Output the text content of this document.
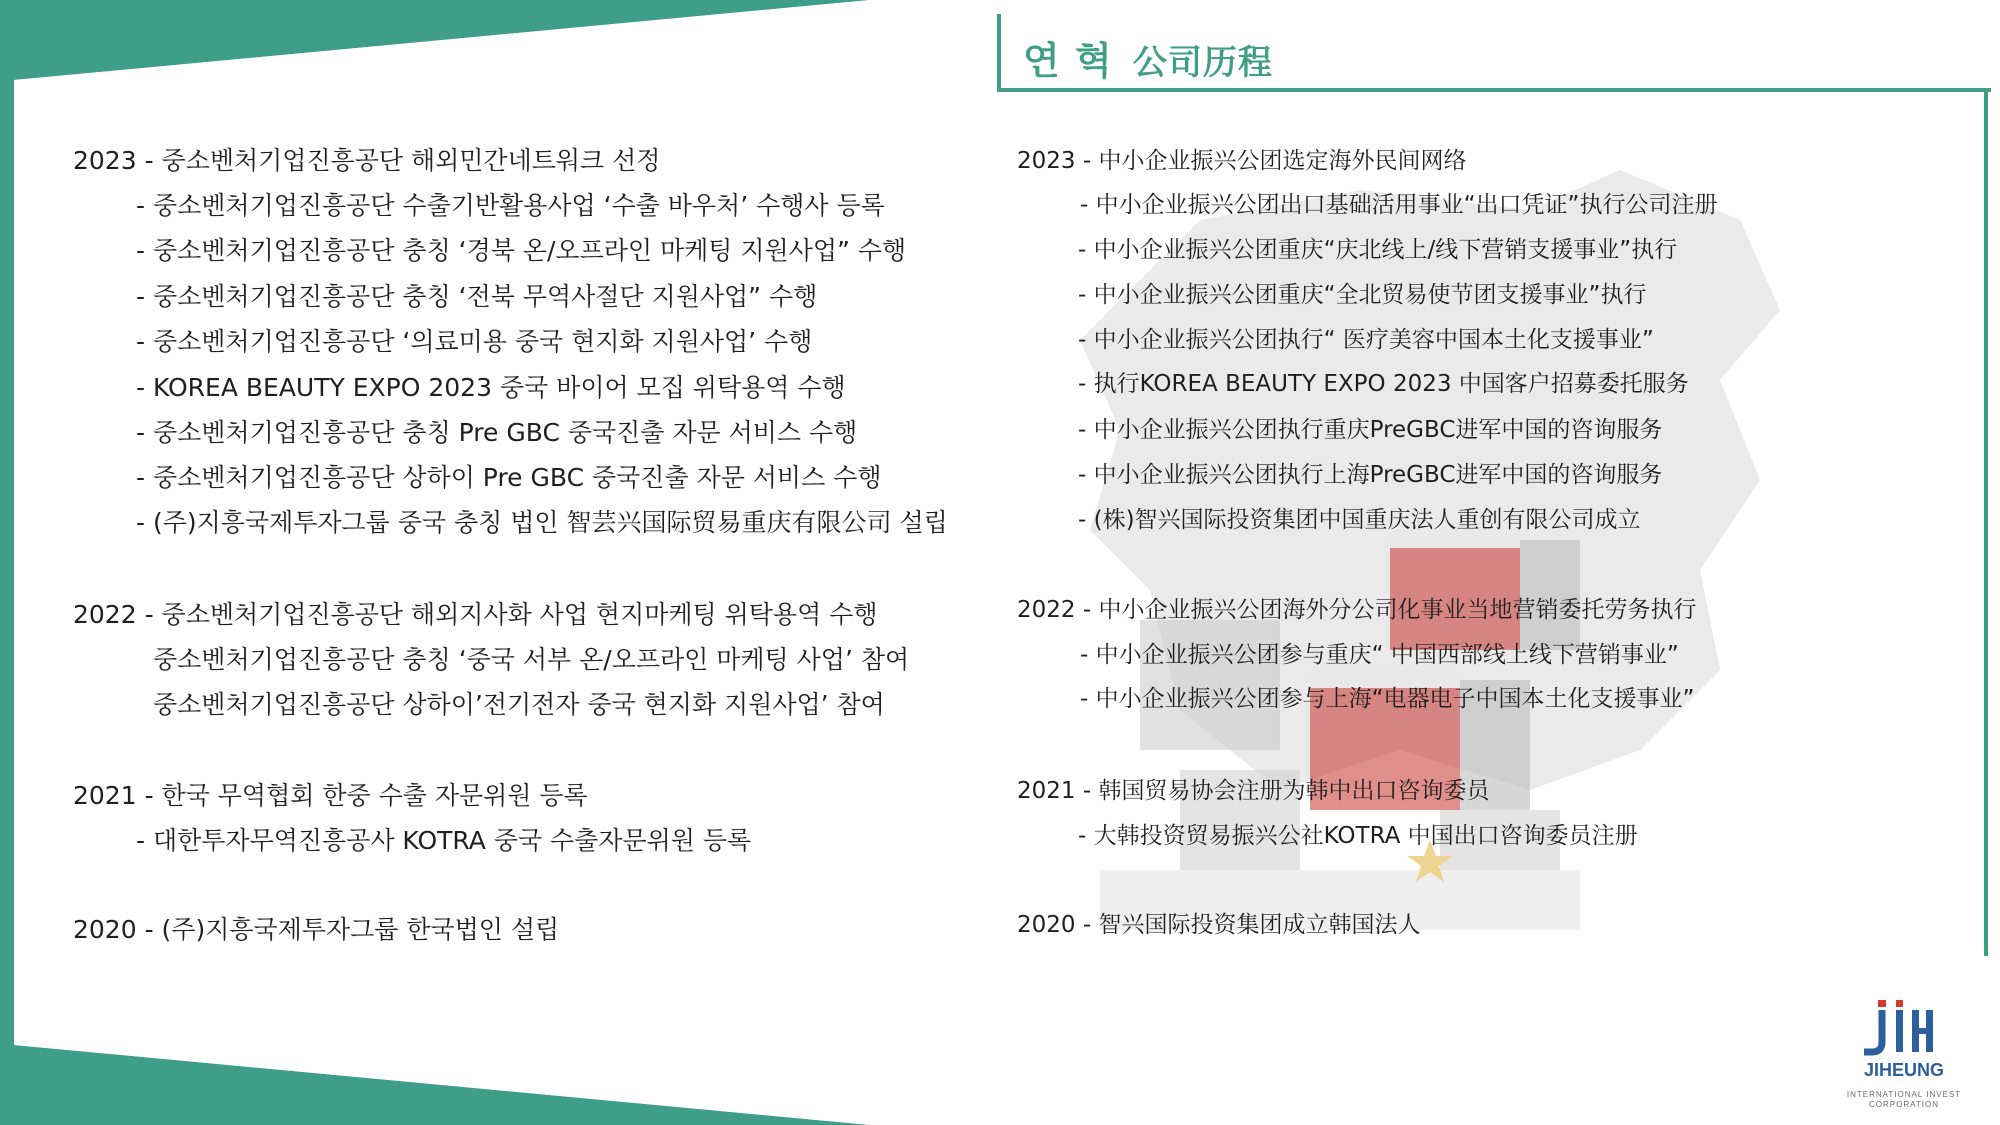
연 혁 公司历程
2023 - 중소벤처기업진흥공단 해외민간네트워크 선정
- 중소벤처기업진흥공단 수출기반활용사업 ‘수출 바우처’ 수행사 등록
- 중소벤처기업진흥공단 충칭 ‘경북 온/오프라인 마케팅 지원사업” 수행
- 중소벤처기업진흥공단 충칭 ‘전북 무역사절단 지원사업” 수행
- 중소벤처기업진흥공단 ‘의료미용 중국 현지화 지원사업’ 수행
- KOREA BEAUTY EXPO 2023 중국 바이어 모집 위탁용역 수행
- 중소벤처기업진흥공단 충칭 Pre GBC 중국진출 자문 서비스 수행
- 중소벤처기업진흥공단 상하이 Pre GBC 중국진출 자문 서비스 수행
- (주)지흥국제투자그룹 중국 충칭 법인 智芸兴国际贸易重庆有限公司 설립
2022 - 중소벤처기업진흥공단 해외지사화 사업 현지마케팅 위탁용역 수행
중소벤처기업진흥공단 충칭 ‘중국 서부 온/오프라인 마케팅 사업’ 참여
중소벤처기업진흥공단 상하이’전기전자 중국 현지화 지원사업’ 참여
2021 - 한국 무역협회 한중 수출 자문위원 등록
- 대한투자무역진흥공사 KOTRA 중국 수출자문위원 등록
2020 - (주)지흥국제투자그룹 한국법인 설립
2023 - 中小企业振兴公团选定海外民间网络
- 中小企业振兴公团出口基础活用事业“出口凭证”执行公司注册
- 中小企业振兴公团重庆“庆北线上/线下营销支援事业”执行
- 中小企业振兴公团重庆“全北贸易使节团支援事业”执行
- 中小企业振兴公团执行“ 医疗美容中国本土化支援事业”
- 执行KOREA BEAUTY EXPO 2023 中国客户招募委托服务
- 中小企业振兴公团执行重庆PreGBC进军中国的咨询服务
- 中小企业振兴公团执行上海PreGBC进军中国的咨询服务
- (株)智兴国际投资集团中国重庆法人重创有限公司成立
2022 - 中小企业振兴公团海外分公司化事业当地营销委托劳务执行
- 中小企业振兴公团参与重庆“ 中国西部线上线下营销事业”
- 中小企业振兴公团参与上海“电器电子中国本土化支援事业”
2021 - 韩国贸易协会注册为韩中出口咨询委员
- 大韩投资贸易振兴公社KOTRA 中国出口咨询委员注册
2020 - 智兴国际投资集团成立韩国法人
JIHEUNG
INTERNATIONAL INVEST
CORPORATION
